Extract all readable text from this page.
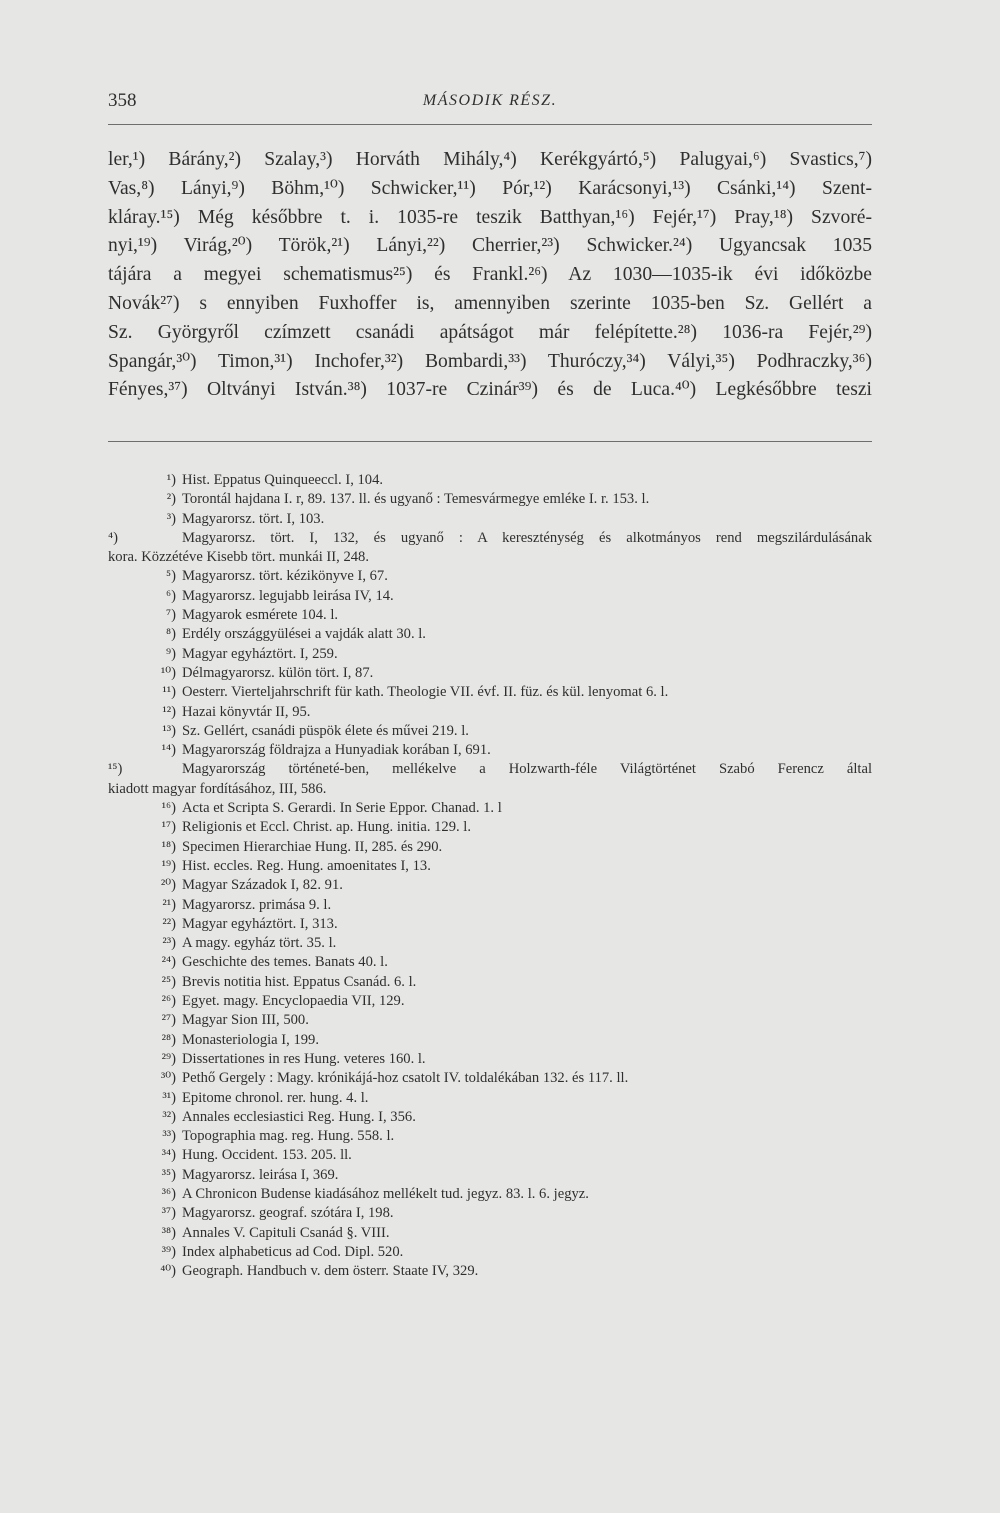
358	MÁSODIK RÉSZ.
ler,¹) Bárány,²) Szalay,³) Horváth Mihály,⁴) Kerékgyártó,⁵) Palugyai,⁶) Svastics,⁷)
Vas,⁸) Lányi,⁹) Böhm,¹⁰) Schwicker,¹¹) Pór,¹²) Karácsonyi,¹³) Csánki,¹⁴) Szent-
kláray.¹⁵) Még későbbre t. i. 1035-re teszik Batthyan,¹⁶) Fejér,¹⁷) Pray,¹⁸) Szvoré-
nyi,¹⁹) Virág,²⁰) Török,²¹) Lányi,²²) Cherrier,²³) Schwicker.²⁴) Ugyancsak 1035
tájára a megyei schematismus²⁵) és Frankl.²⁶) Az 1030—1035-ik évi időközbe
Novák²⁷) s ennyiben Fuxhoffer is, amennyiben szerinte 1035-ben Sz. Gellért a
Sz. Györgyről czímzett csanádi apátságot már felépítette.²⁸) 1036-ra Fejér,²⁹)
Spangár,³⁰) Timon,³¹) Inchofer,³²) Bombardi,³³) Thuróczy,³⁴) Vályi,³⁵) Podhraczky,³⁶)
Fényes,³⁷) Oltványi István.³⁸) 1037-re Czinár³⁹) és de Luca.⁴⁰) Legkésőbbre teszi
¹) Hist. Eppatus Quinqueeccl. I, 104.
²) Torontál hajdana I. r, 89. 137. ll. és ugyanő : Temesvármegye emléke I. r. 153. l.
³) Magyarorsz. tört. I, 103.
⁴)	Magyarorsz. tört. I, 132, és ugyanő : A kereszténység és alkotmányos rend megszilárdulásának
kora. Közzétéve Kisebb tört. munkái II, 248.
⁵) Magyarorsz. tört. kézikönyve I, 67.
⁶) Magyarorsz. legujabb leirása IV, 14.
⁷) Magyarok esmérete 104. l.
⁸) Erdély országgyülései a vajdák alatt 30. l.
⁹) Magyar egyháztört. I, 259.
¹⁰) Délmagyarorsz. külön tört. I, 87.
¹¹) Oesterr. Vierteljahrschrift für kath. Theologie VII. évf. II. füz. és kül. lenyomat 6. l.
¹²) Hazai könyvtár II, 95.
¹³) Sz. Gellért, csanádi püspök élete és művei 219. l.
¹⁴) Magyarország földrajza a Hunyadiak korában I, 691.
¹⁵)	Magyarország történeté-ben, mellékelve a Holzwarth-féle Világtörténet Szabó Ferencz által
kiadott magyar fordításához, III, 586.
¹⁶) Acta et Scripta S. Gerardi. In Serie Eppor. Chanad. 1. l
¹⁷) Religionis et Eccl. Christ. ap. Hung. initia. 129. l.
¹⁸) Specimen Hierarchiae Hung. II, 285. és 290.
¹⁹) Hist. eccles. Reg. Hung. amoenitates I, 13.
²⁰) Magyar Századok I, 82. 91.
²¹) Magyarorsz. primása 9. l.
²²) Magyar egyháztört. I, 313.
²³) A magy. egyház tört. 35. l.
²⁴) Geschichte des temes. Banats 40. l.
²⁵) Brevis notitia hist. Eppatus Csanád. 6. l.
²⁶) Egyet. magy. Encyclopaedia VII, 129.
²⁷) Magyar Sion III, 500.
²⁸) Monasteriologia I, 199.
²⁹) Dissertationes in res Hung. veteres 160. l.
³⁰) Pethő Gergely : Magy. krónikájá-hoz csatolt IV. toldalékában 132. és 117. ll.
³¹) Epitome chronol. rer. hung. 4. l.
³²) Annales ecclesiastici Reg. Hung. I, 356.
³³) Topographia mag. reg. Hung. 558. l.
³⁴) Hung. Occident. 153. 205. ll.
³⁵) Magyarorsz. leirása I, 369.
³⁶) A Chronicon Budense kiadásához mellékelt tud. jegyz. 83. l. 6. jegyz.
³⁷) Magyarorsz. geograf. szótára I, 198.
³⁸) Annales V. Capituli Csanád §. VIII.
³⁹) Index alphabeticus ad Cod. Dipl. 520.
⁴⁰) Geograph. Handbuch v. dem österr. Staate IV, 329.
